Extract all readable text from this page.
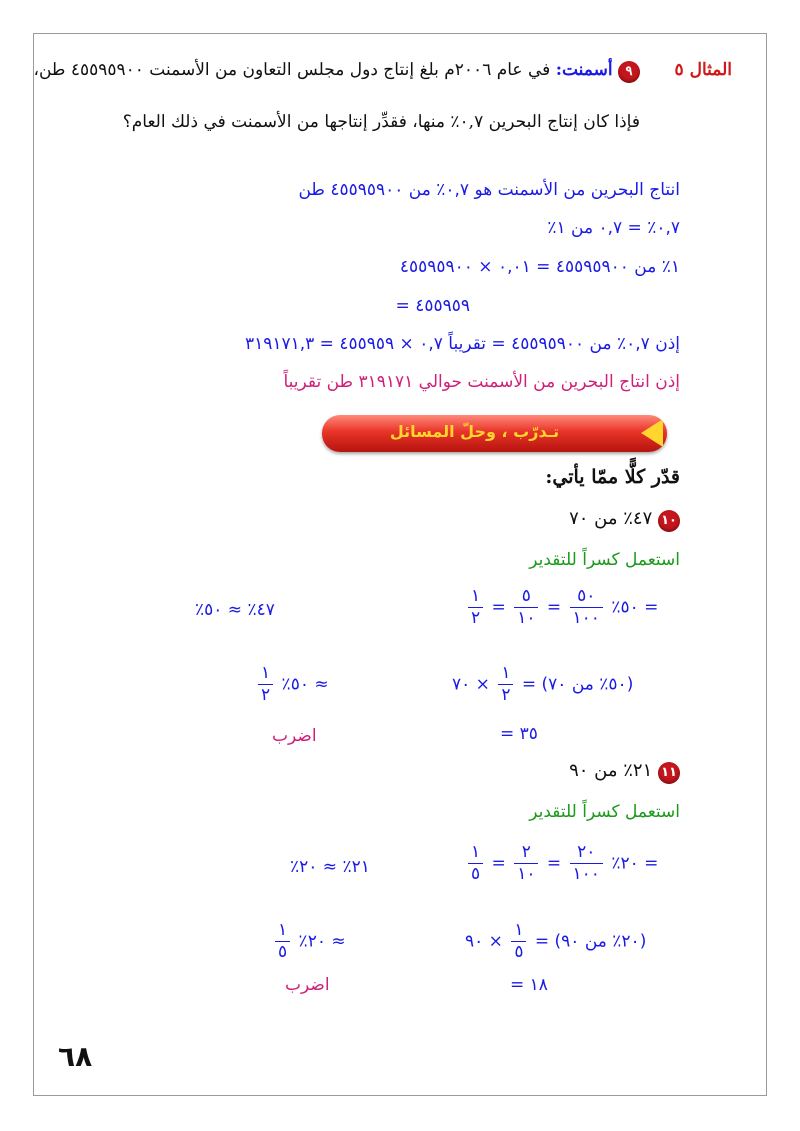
المثال ٥
٩ أسمنت: في عام ٢٠٠٦م بلغ إنتاج دول مجلس التعاون من الأسمنت ٤٥٥٩٥٩٠٠ طن،
فإذا كان إنتاج البحرين ٠,٧٪ منها، فقدِّر إنتاجها من الأسمنت في ذلك العام؟
انتاج البحرين من الأسمنت هو ٠,٧٪ من ٤٥٥٩٥٩٠٠ طن
٠,٧٪ = ٠,٧ من ١٪
١٪ من ٤٥٥٩٥٩٠٠ = ٠,٠١ × ٤٥٥٩٥٩٠٠
= ٤٥٥٩٥٩
إذن ٠,٧٪ من ٤٥٥٩٥٩٠٠ = تقريباً ٠,٧ × ٤٥٥٩٥٩ = ٣١٩١٧١,٣
إذن انتاج البحرين من الأسمنت حوالي ٣١٩١٧١ طن تقريباً
تـدرّب ، وحلّ المسائل
قدّر كلًّا ممّا يأتي:
١٠ ٤٧٪ من ٧٠
استعمل كسراً للتقدير
٤٧٪ ≈ ٥٠٪	$\frac{١}{٢} = \frac{٥}{١٠} = \frac{٥٠}{١٠٠}$ = ٥٠٪
$\frac{١}{٢}$ ≈ ٥٠٪	× ٧٠ $\frac{١}{٢}$ (٥٠٪ من ٧٠) =
اضرب	= ٣٥
١١ ٢١٪ من ٩٠
استعمل كسراً للتقدير
٢١٪ ≈ ٢٠٪	$\frac{١}{٥} = \frac{٢}{١٠} = \frac{٢٠}{١٠٠}$ = ٢٠٪
$\frac{١}{٥}$ ≈ ٢٠٪	× ٩٠ $\frac{١}{٥}$ (٢٠٪ من ٩٠) =
اضرب	= ١٨
٦٨
